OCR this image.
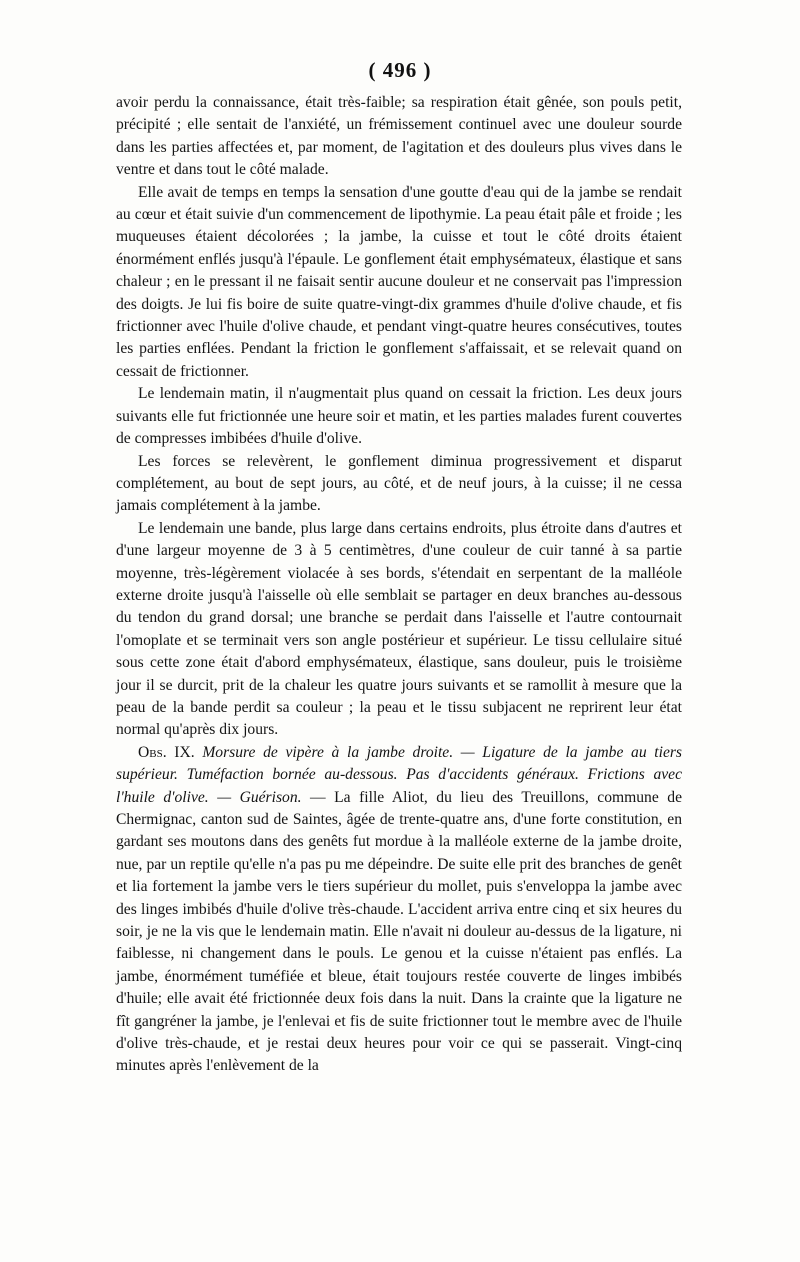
( 496 )

avoir perdu la connaissance, était très-faible; sa respiration était gênée, son pouls petit, précipité ; elle sentait de l'anxiété, un frémissement continuel avec une douleur sourde dans les parties affectées et, par moment, de l'agitation et des douleurs plus vives dans le ventre et dans tout le côté malade.

Elle avait de temps en temps la sensation d'une goutte d'eau qui de la jambe se rendait au cœur et était suivie d'un commencement de lipothymie. La peau était pâle et froide ; les muqueuses étaient décolorées ; la jambe, la cuisse et tout le côté droits étaient énormément enflés jusqu'à l'épaule. Le gonflement était emphysémateux, élastique et sans chaleur ; en le pressant il ne faisait sentir aucune douleur et ne conservait pas l'impression des doigts. Je lui fis boire de suite quatre-vingt-dix grammes d'huile d'olive chaude, et fis frictionner avec l'huile d'olive chaude, et pendant vingt-quatre heures consécutives, toutes les parties enflées. Pendant la friction le gonflement s'affaissait, et se relevait quand on cessait de frictionner.

Le lendemain matin, il n'augmentait plus quand on cessait la friction. Les deux jours suivants elle fut frictionnée une heure soir et matin, et les parties malades furent couvertes de compresses imbibées d'huile d'olive.

Les forces se relevèrent, le gonflement diminua progressivement et disparut complétement, au bout de sept jours, au côté, et de neuf jours, à la cuisse; il ne cessa jamais complétement à la jambe.

Le lendemain une bande, plus large dans certains endroits, plus étroite dans d'autres et d'une largeur moyenne de 3 à 5 centimètres, d'une couleur de cuir tanné à sa partie moyenne, très-légèrement violacée à ses bords, s'étendait en serpentant de la malléole externe droite jusqu'à l'aisselle où elle semblait se partager en deux branches au-dessous du tendon du grand dorsal; une branche se perdait dans l'aisselle et l'autre contournait l'omoplate et se terminait vers son angle postérieur et supérieur. Le tissu cellulaire situé sous cette zone était d'abord emphysémateux, élastique, sans douleur, puis le troisième jour il se durcit, prit de la chaleur les quatre jours suivants et se ramollit à mesure que la peau de la bande perdit sa couleur ; la peau et le tissu subjacent ne reprirent leur état normal qu'après dix jours.

Obs. IX. Morsure de vipère à la jambe droite. — Ligature de la jambe au tiers supérieur. Tuméfaction bornée au-dessous. Pas d'accidents généraux. Frictions avec l'huile d'olive. — Guérison. — La fille Aliot, du lieu des Treuillons, commune de Chermignac, canton sud de Saintes, âgée de trente-quatre ans, d'une forte constitution, en gardant ses moutons dans des genêts fut mordue à la malléole externe de la jambe droite, nue, par un reptile qu'elle n'a pas pu me dépeindre. De suite elle prit des branches de genêt et lia fortement la jambe vers le tiers supérieur du mollet, puis s'enveloppa la jambe avec des linges imbibés d'huile d'olive très-chaude. L'accident arriva entre cinq et six heures du soir, je ne la vis que le lendemain matin. Elle n'avait ni douleur au-dessus de la ligature, ni faiblesse, ni changement dans le pouls. Le genou et la cuisse n'étaient pas enflés. La jambe, énormément tuméfiée et bleue, était toujours restée couverte de linges imbibés d'huile; elle avait été frictionnée deux fois dans la nuit. Dans la crainte que la ligature ne fît gangréner la jambe, je l'enlevai et fis de suite frictionner tout le membre avec de l'huile d'olive très-chaude, et je restai deux heures pour voir ce qui se passerait. Vingt-cinq minutes après l'enlèvement de la
